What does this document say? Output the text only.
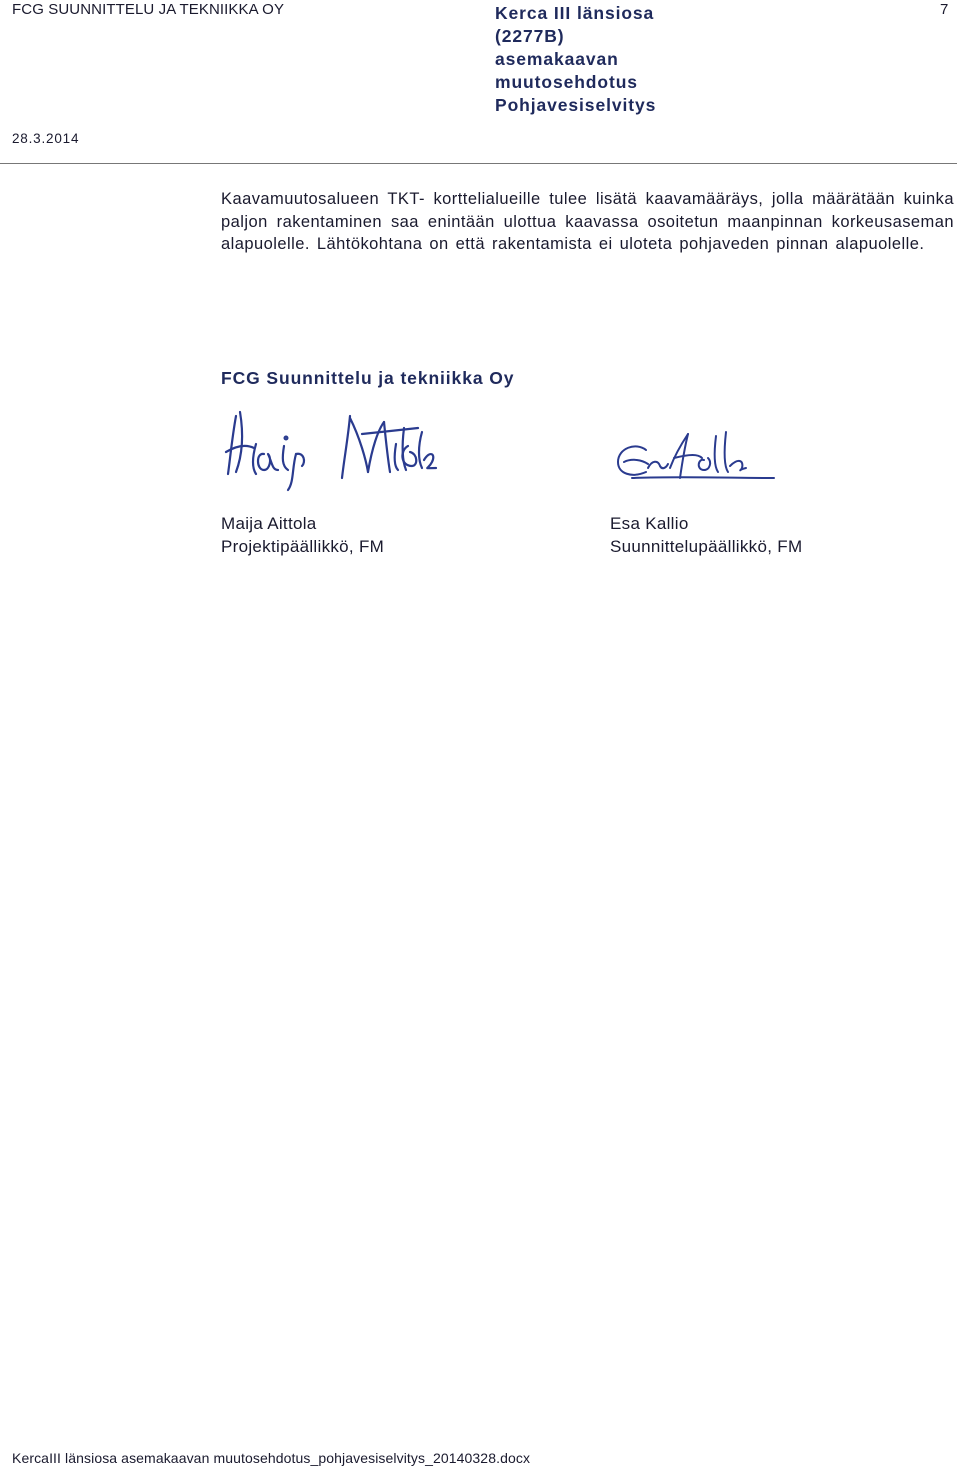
FCG SUUNNITTELU JA TEKNIIKKA OY	Kerca III länsiosa
(2277B)
asemakaavan
muutosehdotus
Pohjavesiselvitys
7
28.3.2014

Kaavamuutosalueen TKT- korttelialueille tulee lisätä kaavamääräys, jolla määrätään kuinka paljon rakentaminen saa enintään ulottua kaavassa osoitetun maanpinnan korkeusaseman alapuolelle. Lähtökohtana on että rakentamista ei uloteta pohjaveden pinnan alapuolelle.

FCG Suunnittelu ja tekniikka Oy
Maija Aittola
Projektipäällikkö, FM
Esa Kallio
Suunnittelupäällikkö, FM
KercaIII länsiosa asemakaavan muutosehdotus_pohjavesiselvitys_20140328.docx
